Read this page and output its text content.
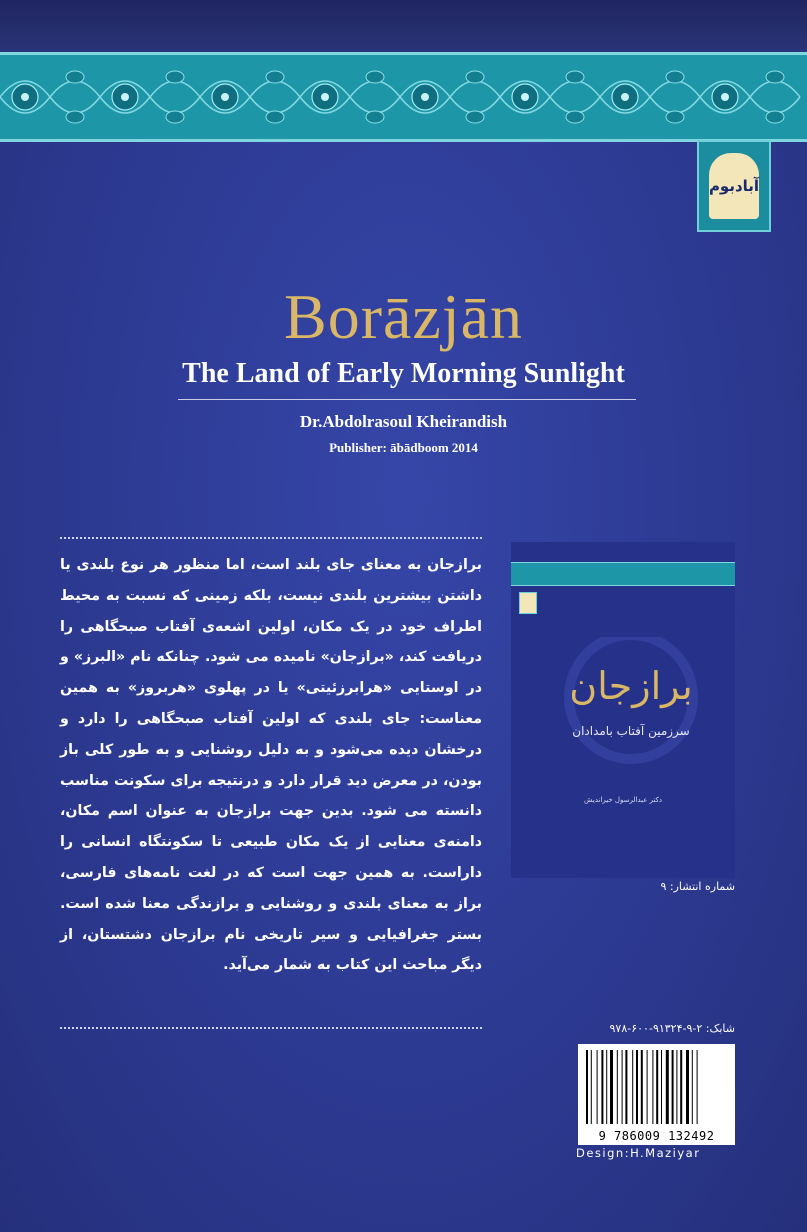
آبادبوم
Borāzjān
The Land of Early Morning Sunlight
Dr.Abdolrasoul Kheirandish
Publisher: ābādboom 2014
برازجان به معنای جای بلند است، اما منظور هر نوع بلندی یا داشتن بیشترین بلندی نیست، بلکه زمینی که نسبت به محیط اطراف خود در یک مکان، اولین اشعه‌ی آفتاب صبحگاهی را دریافت کند، «برازجان» نامیده می شود. چنانکه نام «البرز» و در اوستایی «هرابرزئیتی» یا در پهلوی «هربروز» به همین معناست: جای بلندی که اولین آفتاب صبحگاهی را دارد و درخشان دیده می‌شود و به دلیل روشنایی و به طور کلی باز بودن، در معرض دید قرار دارد و درنتیجه برای سکونت مناسب دانسته می شود. بدین جهت برازجان به عنوان اسم مکان، دامنه‌ی معنایی از یک مکان طبیعی تا سکونتگاه انسانی را داراست. به همین جهت است که در لغت نامه‌های فارسی، براز به معنای بلندی و روشنایی و برازندگی معنا شده است. بستر جغرافیایی و سیر تاریخی نام برازجان دشتستان، از دیگر مباحث این کتاب به شمار می‌آید.
برازجان
سرزمین آفتاب بامدادان
دکتر عبدالرسول خیراندیش
شماره انتشار: ۹
شابک: ۲-۹-۹۱۳۲۴-۶۰۰-۹۷۸
9 786009 132492
Design:H.Maziyar
